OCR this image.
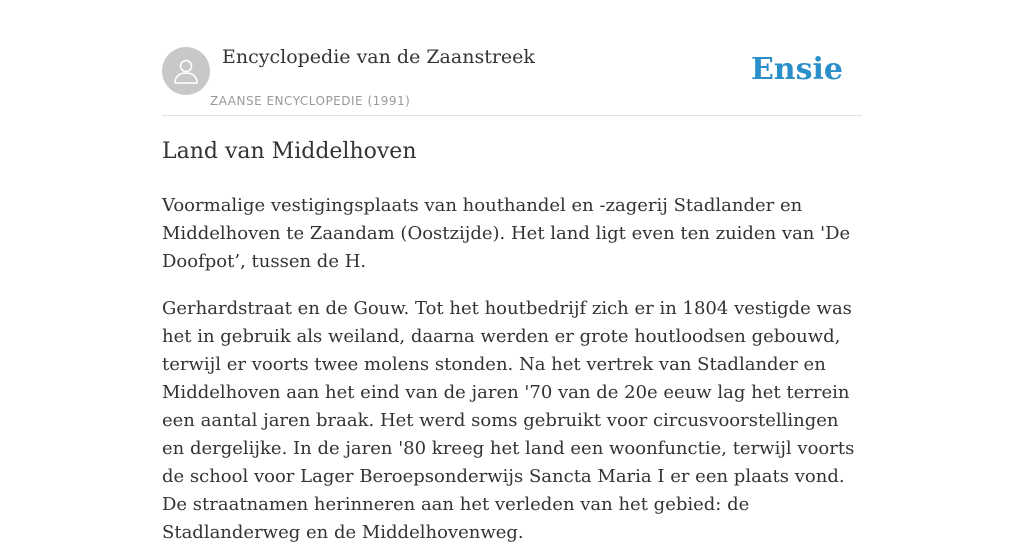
Encyclopedie van de Zaanstreek
ZAANSE ENCYCLOPEDIE (1991)
Ensie
Land van Middelhoven

Voormalige vestigingsplaats van houthandel en -zagerij Stadlander en Middelhoven te Zaandam (Oostzijde). Het land ligt even ten zuiden van 'De Doofpot’, tussen de H.

Gerhardstraat en de Gouw. Tot het houtbedrijf zich er in 1804 vestigde was het in gebruik als weiland, daarna werden er grote houtloodsen gebouwd, terwijl er voorts twee molens stonden. Na het vertrek van Stadlander en Middelhoven aan het eind van de jaren '70 van de 20e eeuw lag het terrein een aantal jaren braak. Het werd soms gebruikt voor circusvoorstellingen en dergelijke. In de jaren '80 kreeg het land een woonfunctie, terwijl voorts de school voor Lager Beroepsonderwijs Sancta Maria I er een plaats vond. De straatnamen herinneren aan het verleden van het gebied: de Stadlanderweg en de Middelhovenweg.
